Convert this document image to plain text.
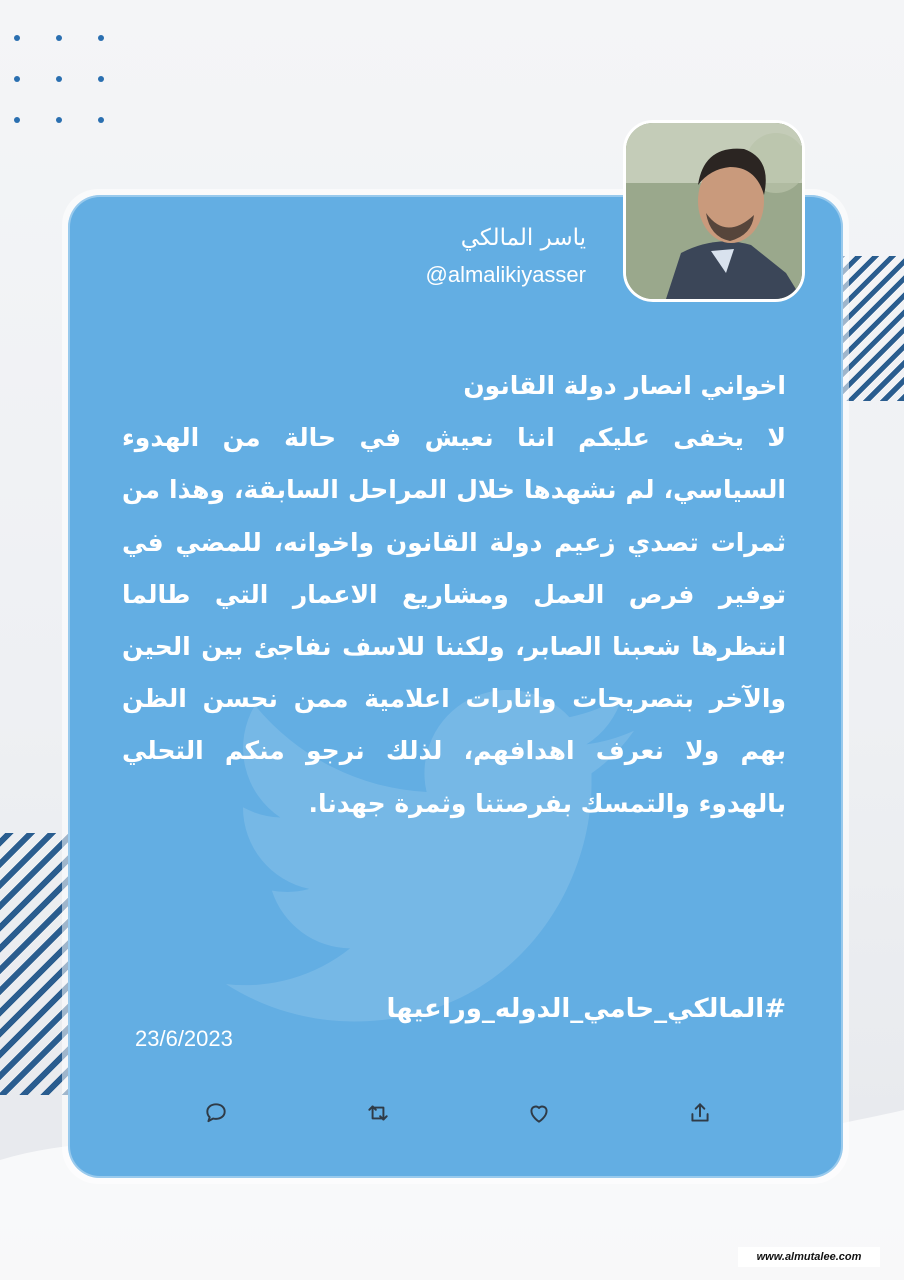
ياسر المالكي
@almalikiyasser

اخواني انصار دولة القانون

لا يخفى عليكم اننا نعيش في حالة من الهدوء السياسي، لم نشهدها خلال المراحل السابقة، وهذا من ثمرات تصدي زعيم دولة القانون واخوانه، للمضي في توفير فرص العمل ومشاريع الاعمار التي طالما انتظرها شعبنا الصابر، ولكننا للاسف نفاجئ بين الحين والآخر بتصريحات واثارات اعلامية ممن نحسن الظن بهم ولا نعرف اهدافهم، لذلك نرجو منكم التحلي بالهدوء والتمسك بفرصتنا وثمرة جهدنا.

#المالكي_حامي_الدوله_وراعيها
23/6/2023
www.almutalee.com
